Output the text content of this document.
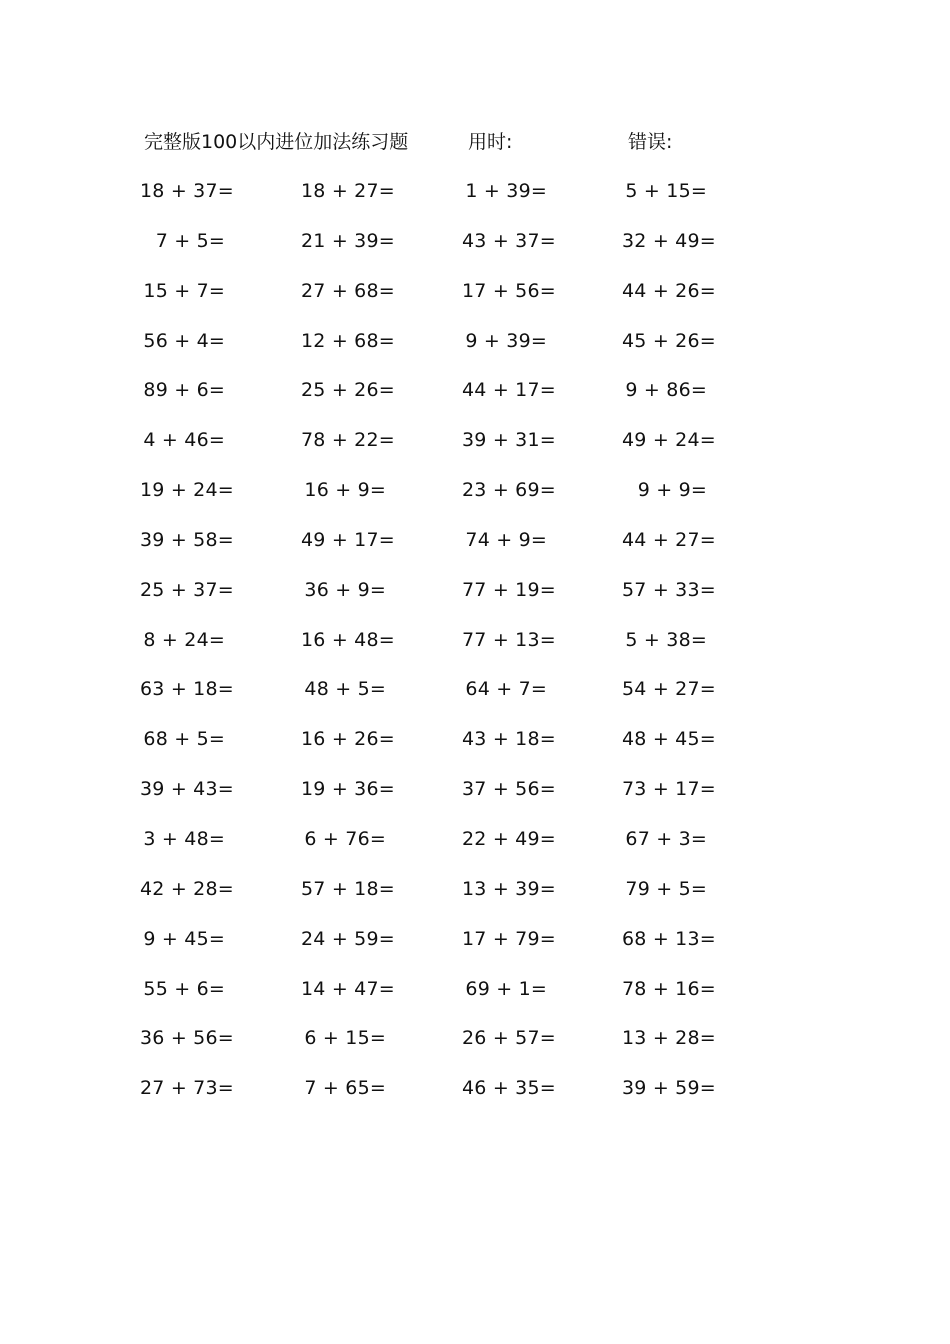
完整版100以内进位加法练习题	用时:	错误:
18 + 37=	18 + 27=	1 + 39=	5 + 15=
7 + 5=	21 + 39=	43 + 37=	32 + 49=
15 + 7=	27 + 68=	17 + 56=	44 + 26=
56 + 4=	12 + 68=	9 + 39=	45 + 26=
89 + 6=	25 + 26=	44 + 17=	9 + 86=
4 + 46=	78 + 22=	39 + 31=	49 + 24=
19 + 24=	16 + 9=	23 + 69=	9 + 9=
39 + 58=	49 + 17=	74 + 9=	44 + 27=
25 + 37=	36 + 9=	77 + 19=	57 + 33=
8 + 24=	16 + 48=	77 + 13=	5 + 38=
63 + 18=	48 + 5=	64 + 7=	54 + 27=
68 + 5=	16 + 26=	43 + 18=	48 + 45=
39 + 43=	19 + 36=	37 + 56=	73 + 17=
3 + 48=	6 + 76=	22 + 49=	67 + 3=
42 + 28=	57 + 18=	13 + 39=	79 + 5=
9 + 45=	24 + 59=	17 + 79=	68 + 13=
55 + 6=	14 + 47=	69 + 1=	78 + 16=
36 + 56=	6 + 15=	26 + 57=	13 + 28=
27 + 73=	7 + 65=	46 + 35=	39 + 59=
